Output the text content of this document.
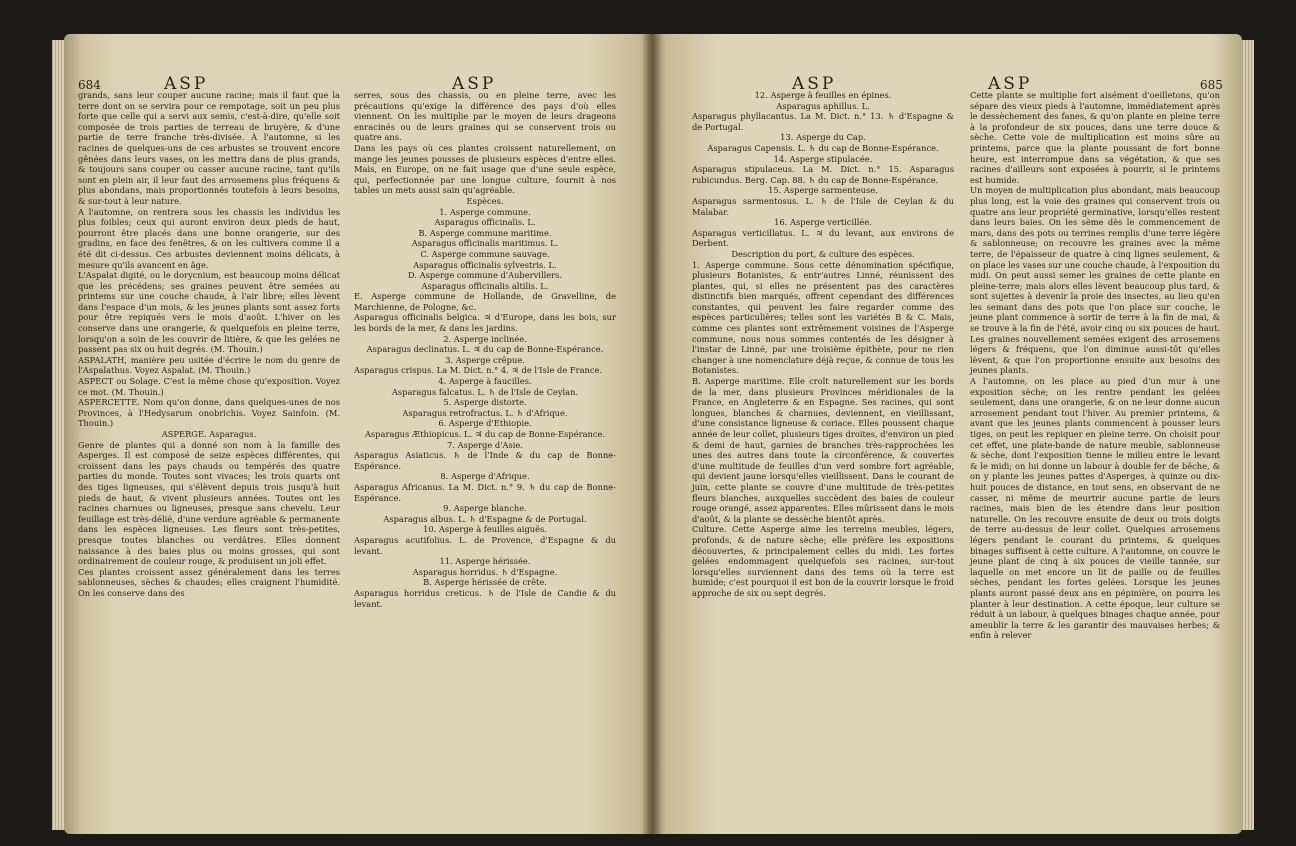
684	ASP	ASP

grands, sans leur couper aucune racine; mais il faut que la terre dont on se servira pour ce rempotage, soit un peu plus forte que celle qui a servi aux semis, c'est-à-dire, qu'elle soit composée de trois parties de terreau de bruyère, & d'une partie de terre franche très-divisée. À l'automne, si les racines de quelques-uns de ces arbustes se trouvent encore gênées dans leurs vases, on les mettra dans de plus grands, & toujours sans couper ou casser aucune racine, tant qu'ils sont en plein air, il leur faut des arrosemens plus fréquens & plus abondans, mais proportionnés toutefois à leurs besoins, & sur-tout à leur nature.

A l'automne, on rentrera sous les chassis les individus les plus foibles; ceux qui auront environ deux pieds de haut, pourront être placés dans une bonne orangerie, sur des gradins, en face des fenêtres, & on les cultivera comme il a été dit ci-dessus. Ces arbustes deviennent moins délicats, à mesure qu'ils avancent en âge.

L'Aspalat digité, ou le dorycnium, est beaucoup moins délicat que les précédens; ses graines peuvent être semées au printems sur une couche chaude, à l'air libre; elles lèvent dans l'espace d'un mois, & les jeunes plants sont assez forts pour être repiqués vers le mois d'août. L'hiver on les conserve dans une orangerie, & quelquefois en pleine terre, lorsqu'on a soin de les couvrir de litière, & que les gelées ne passent pas six ou huit degrés. (M. Thouin.)

ASPALATH, manière peu usitée d'écrire le nom du genre de l'Aspalathus. Voyez Aspalat. (M. Thouin.)

ASPECT ou Solage. C'est la même chose qu'exposition. Voyez ce mot. (M. Thouin.)

ASPERCETTE. Nom qu'on donne, dans quelques-unes de nos Provinces, à l'Hedysarum onobrichis. Voyez Sainfoin. (M. Thouin.)

ASPERGE. Asparagus.

Genre de plantes qui a donné son nom à la famille des Asperges. Il est composé de seize espèces différentes, qui croissent dans les pays chauds ou tempérés des quatre parties du monde. Toutes sont vivaces; les trois quarts ont des tiges ligneuses, qui s'élèvent depuis trois jusqu'à huit pieds de haut, & vivent plusieurs années. Toutes ont les racines charnues ou ligneuses, presque sans chevelu. Leur feuillage est très-délié, d'une verdure agréable & permanente dans les espèces ligneuses. Les fleurs sont très-petites, presque toutes blanches ou verdâtres. Elles donnent naissance à des baies plus ou moins grosses, qui sont ordinairement de couleur rouge, & produisent un joli effet.

Ces plantes croissent assez généralement dans les terres sablonneuses, sèches & chaudes; elles craignent l'humidité. On les conserve dans des

serres, sous des chassis, ou en pleine terre, avec les précautions qu'exige la différence des pays d'où elles viennent. On les multiplie par le moyen de leurs drageons enracinés ou de leurs graines qui se conservent trois ou quatre ans.

Dans les pays où ces plantes croissent naturellement, on mange les jeunes pousses de plusieurs espèces d'entre elles. Mais, en Europe, on ne fait usage que d'une seule espèce, qui, perfectionnée par une longue culture, fournit à nos tables un mets aussi sain qu'agréable.

Espèces.

1. Asperge commune.

Asparagus officinalis. L.

B. Asperge commune maritime.

Asparagus officinalis maritimus. L.

C. Asperge commune sauvage.

Asparagus officinalis sylvestris. L.

D. Asperge commune d'Aubervillers.

Asparagus officinalis altilis. L.

E. Asperge commune de Hollande, de Gravelline, de Marchienne, de Pologne, &c.

Asparagus officinalis belgica. ♃ d'Europe, dans les bois, sur les bords de la mer, & dans les jardins.

2. Asperge inclinée.

Asparagus declinatus. L. ♃ du cap de Bonne-Espérance.

3. Asperge crêpue.

Asparagus crispus. La M. Dict. n.° 4. ♃ de l'Isle de France.

4. Asperge à faucilles.

Asparagus falcatus. L. ♄ de l'Isle de Ceylan.

5. Asperge distorte.

Asparagus retrofractus. L. ♄ d'Afrique.

6. Asperge d'Ethiopie.

Asparagus Æthiopicus. L. ♃ du cap de Bonne-Espérance.

7. Asperge d'Asie.

Asparagus Asiaticus. ♄ de l'Inde & du cap de Bonne-Espérance.

8. Asperge d'Afrique.

Asparagus Africanus. La M. Dict. n.° 9. ♄ du cap de Bonne-Espérance.

9. Asperge blanche.

Asparagus albus. L. ♄ d'Espagne & de Portugal.

10. Asperge à feuilles aiguës.

Asparagus acutifolius. L. de Provence, d'Espagne & du levant.

11. Asperge hérissée.

Asparagus horridus. ♄ d'Espagne.

B. Asperge hérissée de crête.

Asparagus horridus creticus. ♄ de l'Isle de Candie & du levant.

ASP	ASP	685

12. Asperge à feuilles en épines.

Asparagus aphillus. L.

Asparagus phyllacantus. La M. Dict. n.° 13. ♄ d'Espagne & de Portugal.

13. Asperge du Cap.

Asparagus Capensis. L. ♄ du cap de Bonne-Espérance.

14. Asperge stipulacée.

Asparagus stipulaceus. La M. Dict. n.° 15. Asparagus rubicundus. Berg. Cap. 88. ♄ du cap de Bonne-Espérance.

15. Asperge sarmenteuse.

Asparagus sarmentosus. L. ♄ de l'Isle de Ceylan & du Malabar.

16. Asperge verticillée.

Asparagus verticillatus. L. ♃ du levant, aux environs de Derbent.

Description du port, & culture des espèces.

1. Asperge commune. Sous cette dénomination spécifique, plusieurs Botanistes, & entr'autres Linné, réunissent des plantes, qui, si elles ne présentent pas des caractères distinctifs bien marqués, offrent cependant des différences constantes, qui peuvent les faire regarder comme des espèces particulières; telles sont les variétés B & C. Mais, comme ces plantes sont extrêmement voisines de l'Asperge commune, nous nous sommes contentés de les désigner à l'instar de Linné, par une troisième épithète, pour ne rien changer à une nomenclature déjà reçue, & connue de tous les Botanistes.

B. Asperge maritime. Elle croît naturellement sur les bords de la mer, dans plusieurs Provinces méridionales de la France, en Angleterre & en Espagne. Ses racines, qui sont longues, blanches & charnues, deviennent, en vieillissant, d'une consistance ligneuse & coriace. Elles poussent chaque année de leur collet, plusieurs tiges droites, d'environ un pied & demi de haut, garnies de branches très-rapprochées les unes des autres dans toute la circonférence, & couvertes d'une multitude de feuilles d'un verd sombre fort agréable, qui devient jaune lorsqu'elles vieillissent. Dans le courant de juin, cette plante se couvre d'une multitude de très-petites fleurs blanches, auxquelles succèdent des baies de couleur rouge orangé, assez apparentes. Elles mûrissent dans le mois d'août, & la plante se dessèche bientôt après.

Culture. Cette Asperge aime les terreins meubles, légers, profonds, & de nature sèche; elle préfère les expositions découvertes, & principalement celles du midi. Les fortes gelées endommagent quelquefois ses racines, sur-tout lorsqu'elles surviennent dans des tems où la terre est humide; c'est pourquoi il est bon de la couvrir lorsque le froid approche de six ou sept degrés.

Cette plante se multiplie fort aisément d'oeilletons, qu'on sépare des vieux pieds à l'automne, immédiatement après le dessèchement des fanes, & qu'on plante en pleine terre à la profondeur de six pouces, dans une terre douce & sèche. Cette voie de multiplication est moins sûre au printems, parce que la plante poussant de fort bonne heure, est interrompue dans sa végétation, & que ses racines d'ailleurs sont exposées à pourrir, si le printems est humide.

Un moyen de multiplication plus abondant, mais beaucoup plus long, est la voie des graines qui conservent trois ou quatre ans leur propriété germinative, lorsqu'elles restent dans leurs baies. On les sème dès le commencement de mars, dans des pots ou terrines remplis d'une terre légère & sablonneuse; on recouvre les graines avec la même terre, de l'épaisseur de quatre à cinq lignes seulement, & on place les vases sur une couche chaude, à l'exposition du midi. On peut aussi semer les graines de cette plante en pleine-terre; mais alors elles lèvent beaucoup plus tard, & sont sujettes à devenir la proie des insectes, au lieu qu'en les semant dans des pots que l'on place sur couche, le jeune plant commence à sortir de terre à la fin de mai, & se trouve à la fin de l'été, avoir cinq ou six pouces de haut. Les graines nouvellement semées exigent des arrosemens légers & fréquens, que l'on diminue aussi-tôt qu'elles lèvent, & que l'on proportionne ensuite aux besoins des jeunes plants.

A l'automne, on les place au pied d'un mur à une exposition sèche; on les rentre pendant les gelées seulement, dans une orangerie, & on ne leur donne aucun arrosement pendant tout l'hiver. Au premier printems, & avant que les jeunes plants commencent à pousser leurs tiges, on peut les repiquer en pleine terre. On choisit pour cet effet, une plate-bande de nature meuble, sablonneuse & sèche, dont l'exposition tienne le milieu entre le levant & le midi; on lui donne un labour à double fer de bêche, & on y plante les jeunes pattes d'Asperges, à quinze ou dix-huit pouces de distance, en tout sens, en observant de ne casser, ni même de meurtrir aucune partie de leurs racines, mais bien de les étendre dans leur position naturelle. On les recouvre ensuite de deux ou trois doigts de terre au-dessus de leur collet. Quelques arrosemens légers pendant le courant du printems, & quelques binages suffisent à cette culture. A l'automne, on couvre le jeune plant de cinq à six pouces de vieille tannée, sur laquelle on met encore un lit de paille ou de feuilles sèches, pendant les fortes gelées. Lorsque les jeunes plants auront passé deux ans en pépinière, on pourra les planter à leur destination. A cette époque, leur culture se réduit à un labour, à quelques binages chaque année, pour ameublir la terre & les garantir des mauvaises herbes; & enfin à relever
